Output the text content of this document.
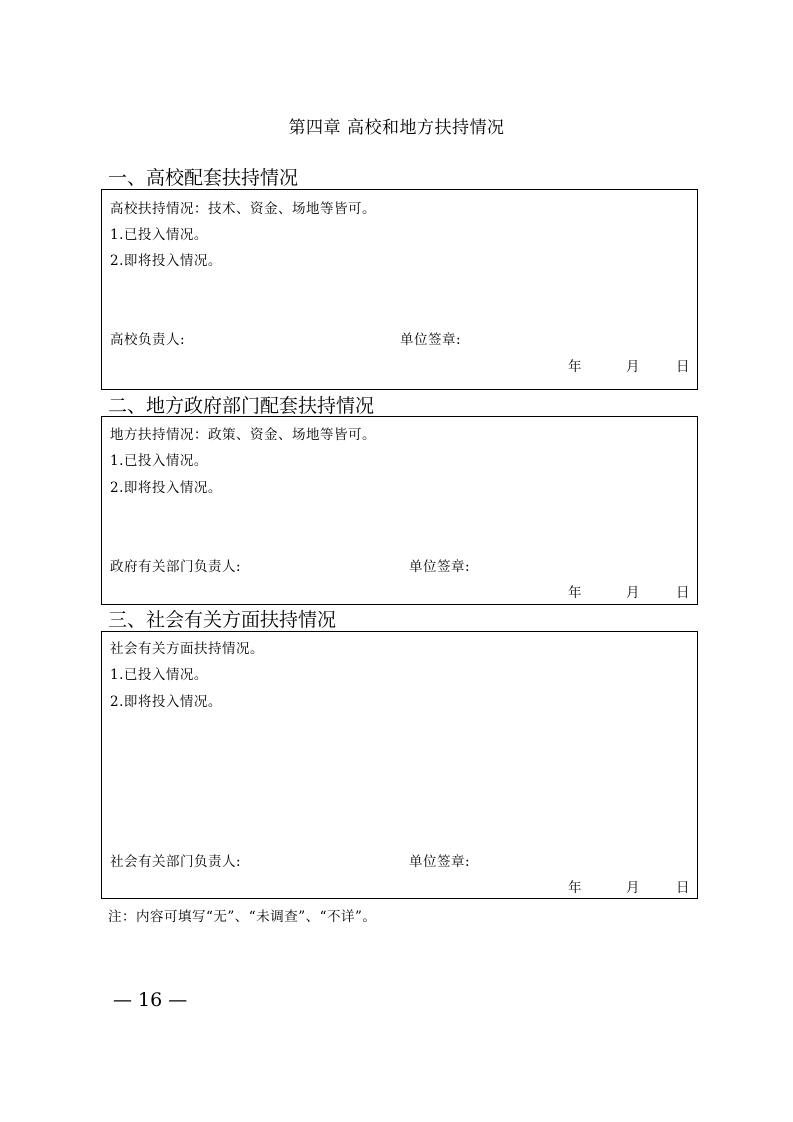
第四章 高校和地方扶持情况
一、高校配套扶持情况
高校扶持情况：技术、资金、场地等皆可。
1.已投入情况。
2.即将投入情况。
高校负责人:	单位签章:
年	月	日
二、地方政府部门配套扶持情况
地方扶持情况：政策、资金、场地等皆可。
1.已投入情况。
2.即将投入情况。
政府有关部门负责人:	单位签章:
年	月	日
三、社会有关方面扶持情况
社会有关方面扶持情况。
1.已投入情况。
2.即将投入情况。
社会有关部门负责人:	单位签章:
年	月	日
注：内容可填写“无”、“未调查”、“不详”。
— 16 —
